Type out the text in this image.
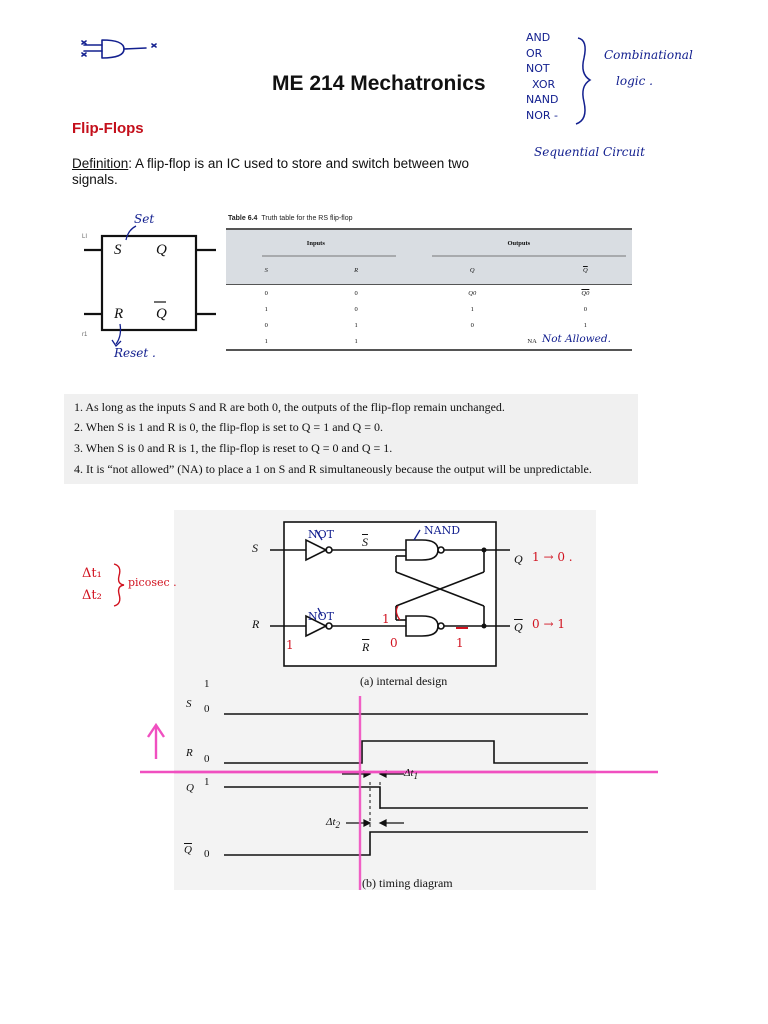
ME 214 Mechatronics
Flip-Flops
Definition: A flip-flop is an IC used to store and switch between two signals.
AND
OR
NOT
XOR
NAND
NOR -
Combinational
logic .
Sequential Circuit
LI
r1
S Q
R Q
Set
Reset .
Table 6.4 Truth table for the RS flip-flop
Inputs		Outputs	
S	R	Q	$\overline{Q}$
0	0	Q0	Q0
1	0	1	0
0	1	0	1
1	1	NA	Not Allowed.
1. As long as the inputs S and R are both 0, the outputs of the flip-flop remain unchanged.
2. When S is 1 and R is 0, the flip-flop is set to Q = 1 and Q = 0.
3. When S is 0 and R is 1, the flip-flop is reset to Q = 0 and Q = 1.
4. It is “not allowed” (NA) to place a 1 on S and R simultaneously because the output will be unpredictable.
S
R
$\overline{S}$
$\overline{R}$
Q
$\overline{Q}$
(a) internal design
NOT
NOT
NAND
1 → 0 .
0 → 1
1
1
0	1
Δt₁
Δt₂
picosec .
1
S 0
R 0
Q 1
$\Delta t_1$
$\Delta t_2$
$\overline{Q}$ 0
(b) timing diagram
